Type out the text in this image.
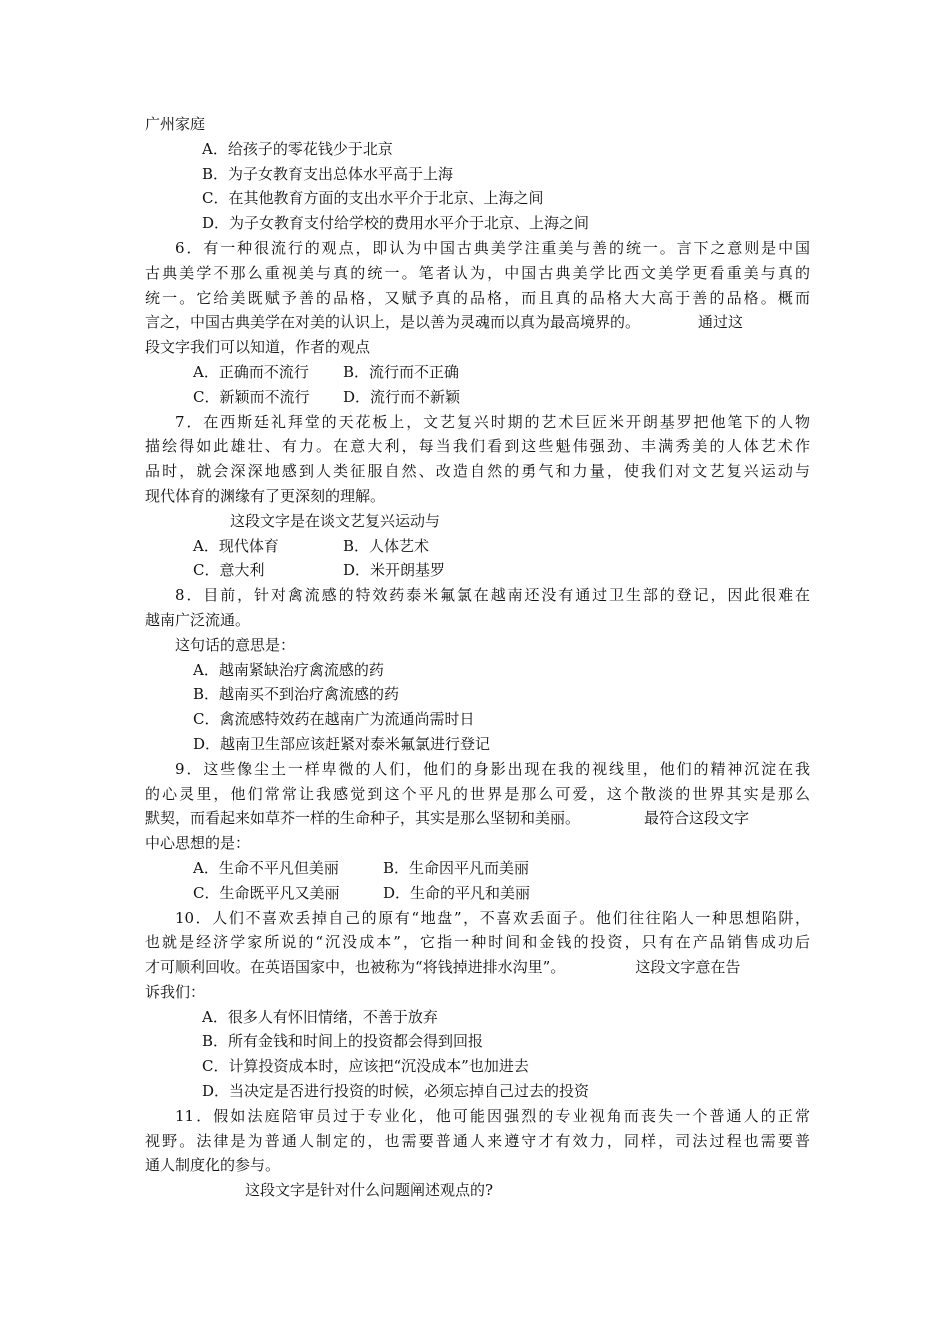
广州家庭
A．给孩子的零花钱少于北京
B．为子女教育支出总体水平高于上海
C．在其他教育方面的支出水平介于北京、上海之间
D．为子女教育支付给学校的费用水平介于北京、上海之间
6．有一种很流行的观点，即认为中国古典美学注重美与善的统一。言下之意则是中国
古典美学不那么重视美与真的统一。笔者认为，中国古典美学比西文美学更看重美与真的
统一。它给美既赋予善的品格，又赋予真的品格，而且真的品格大大高于善的品格。概而
言之，中国古典美学在对美的认识上，是以善为灵魂而以真为最高境界的。	通过这
段文字我们可以知道，作者的观点
A．正确而不流行 B．流行而不正确
C．新颖而不流行 D．流行而不新颖
7．在西斯廷礼拜堂的天花板上，文艺复兴时期的艺术巨匠米开朗基罗把他笔下的人物
描绘得如此雄壮、有力。在意大利，每当我们看到这些魁伟强劲、丰满秀美的人体艺术作
品时，就会深深地感到人类征服自然、改造自然的勇气和力量，使我们对文艺复兴运动与
现代体育的渊缘有了更深刻的理解。
这段文字是在谈文艺复兴运动与
A．现代体育	B．人体艺术
C．意大利	D．米开朗基罗
8．目前，针对禽流感的特效药泰米氟氯在越南还没有通过卫生部的登记，因此很难在
越南广泛流通。
这句话的意思是：
A．越南紧缺治疗禽流感的药
B．越南买不到治疗禽流感的药
C．禽流感特效药在越南广为流通尚需时日
D．越南卫生部应该赶紧对泰米氟氯进行登记
9．这些像尘土一样卑微的人们，他们的身影出现在我的视线里，他们的精神沉淀在我
的心灵里，他们常常让我感觉到这个平凡的世界是那么可爱，这个散淡的世界其实是那么
默契，而看起来如草芥一样的生命种子，其实是那么坚韧和美丽。	最符合这段文字
中心思想的是：
A．生命不平凡但美丽	B．生命因平凡而美丽
C．生命既平凡又美丽	D．生命的平凡和美丽
10．人们不喜欢丢掉自己的原有“地盘”，不喜欢丢面子。他们往往陷人一种思想陷阱，
也就是经济学家所说的“沉没成本”，它指一种时间和金钱的投资，只有在产品销售成功后
才可顺利回收。在英语国家中，也被称为“将钱掉进排水沟里”。	这段文字意在告
诉我们：
A．很多人有怀旧情绪，不善于放弃
B．所有金钱和时间上的投资都会得到回报
C．计算投资成本时，应该把“沉没成本”也加进去
D．当决定是否进行投资的时候，必须忘掉自己过去的投资
11．假如法庭陪审员过于专业化，他可能因强烈的专业视角而丧失一个普通人的正常
视野。法律是为普通人制定的，也需要普通人来遵守才有效力，同样，司法过程也需要普
通人制度化的参与。
这段文字是针对什么问题阐述观点的?
